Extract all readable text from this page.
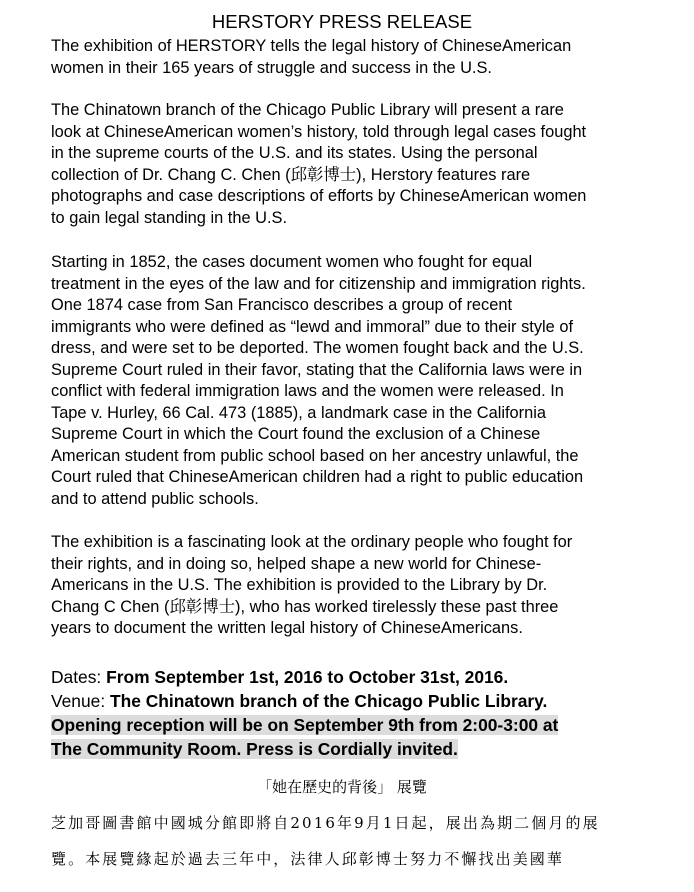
HERSTORY PRESS RELEASE
The exhibition of HERSTORY tells the legal history of ChineseAmerican
women in their 165 years of struggle and success in the U.S.
The Chinatown branch of the Chicago Public Library will present a rare
look at ChineseAmerican women’s history, told through legal cases fought
in the supreme courts of the U.S. and its states. Using the personal
collection of Dr. Chang C. Chen (邱彰博士), Herstory features rare
photographs and case descriptions of efforts by ChineseAmerican women
to gain legal standing in the U.S.
Starting in 1852, the cases document women who fought for equal
treatment in the eyes of the law and for citizenship and immigration rights.
One 1874 case from San Francisco describes a group of recent
immigrants who were defined as “lewd and immoral” due to their style of
dress, and were set to be deported. The women fought back and the U.S.
Supreme Court ruled in their favor, stating that the California laws were in
conflict with federal immigration laws and the women were released. In
Tape v. Hurley, 66 Cal. 473 (1885), a landmark case in the California
Supreme Court in which the Court found the exclusion of a Chinese
American student from public school based on her ancestry unlawful, the
Court ruled that ChineseAmerican children had a right to public education
and to attend public schools.
The exhibition is a fascinating look at the ordinary people who fought for
their rights, and in doing so, helped shape a new world for Chinese-
Americans in the U.S. The exhibition is provided to the Library by Dr.
Chang C Chen (邱彰博士), who has worked tirelessly these past three
years to document the written legal history of ChineseAmericans.
Dates: From September 1st, 2016 to October 31st, 2016.
Venue: The Chinatown branch of the Chicago Public Library.
Opening reception will be on September 9th from 2:00-3:00 at
The Community Room. Press is Cordially invited.
「她在歷史的背後」 展覽
芝加哥圖書館中國城分館即將自2016年9月1日起，展出為期二個月的展
覽。本展覽緣起於過去三年中，法律人邱彰博士努力不懈找出美國華
